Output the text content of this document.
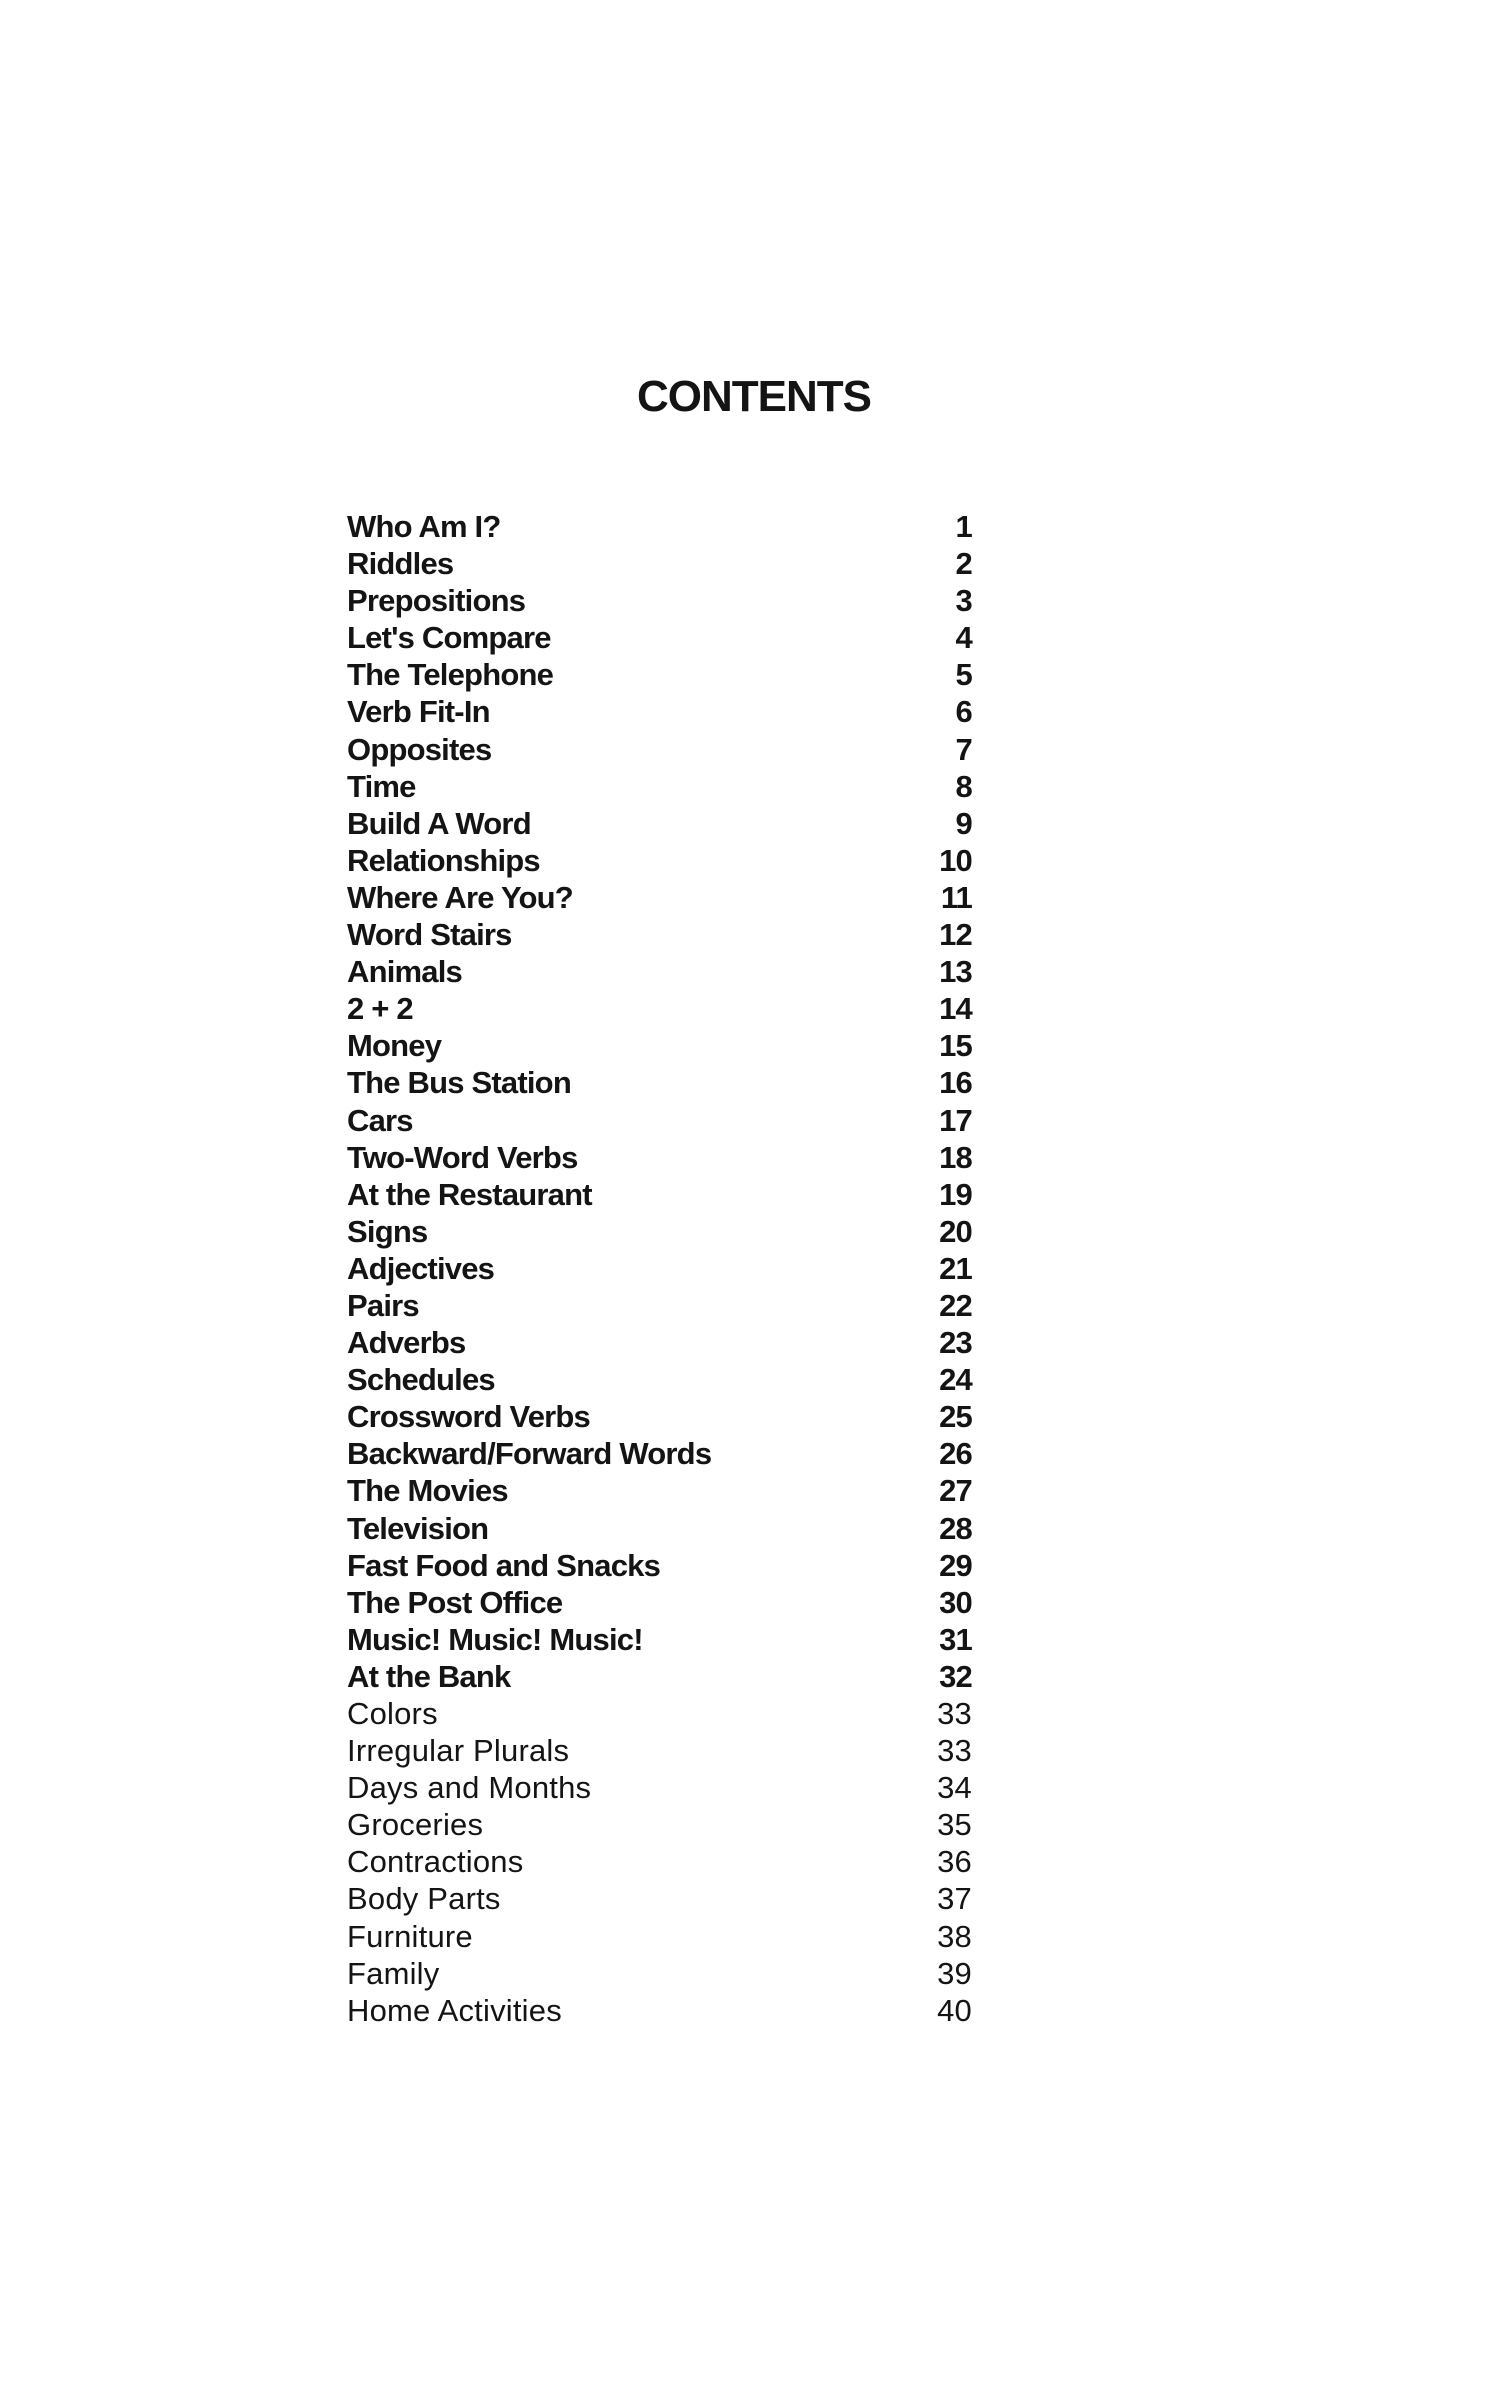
CONTENTS
Who Am I?	1
Riddles	2
Prepositions	3
Let's Compare	4
The Telephone	5
Verb Fit-In	6
Opposites	7
Time	8
Build A Word	9
Relationships	10
Where Are You?	11
Word Stairs	12
Animals	13
2 + 2	14
Money	15
The Bus Station	16
Cars	17
Two-Word Verbs	18
At the Restaurant	19
Signs	20
Adjectives	21
Pairs	22
Adverbs	23
Schedules	24
Crossword Verbs	25
Backward/Forward Words	26
The Movies	27
Television	28
Fast Food and Snacks	29
The Post Office	30
Music! Music! Music!	31
At the Bank	32
Colors	33
Irregular Plurals	33
Days and Months	34
Groceries	35
Contractions	36
Body Parts	37
Furniture	38
Family	39
Home Activities	40
